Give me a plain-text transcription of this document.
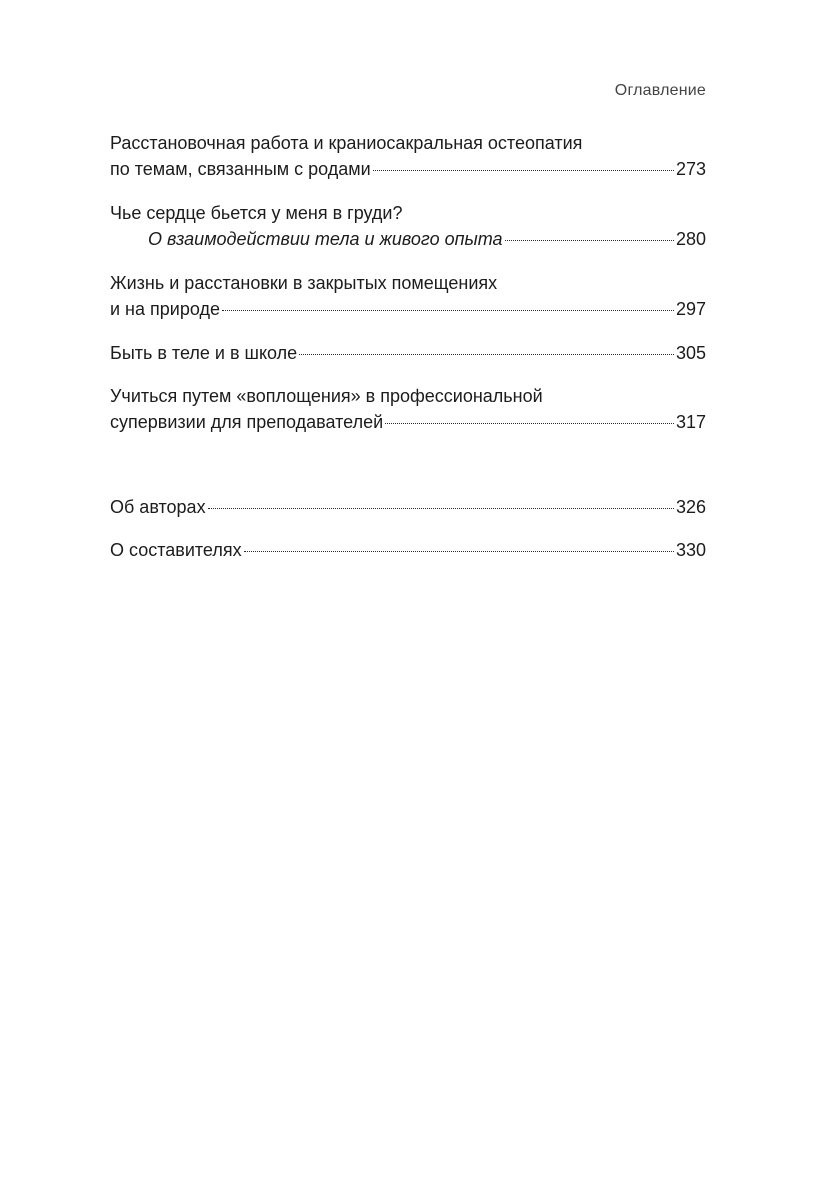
Оглавление
Расстановочная работа и краниосакральная остеопатия
по темам, связанным с родами	273
Чье сердце бьется у меня в груди?
О взаимодействии тела и живого опыта	280
Жизнь и расстановки в закрытых помещениях
и на природе	297
Быть в теле и в школе	305
Учиться путем «воплощения» в профессиональной
супервизии для преподавателей	317
Об авторах	326
О составителях	330
